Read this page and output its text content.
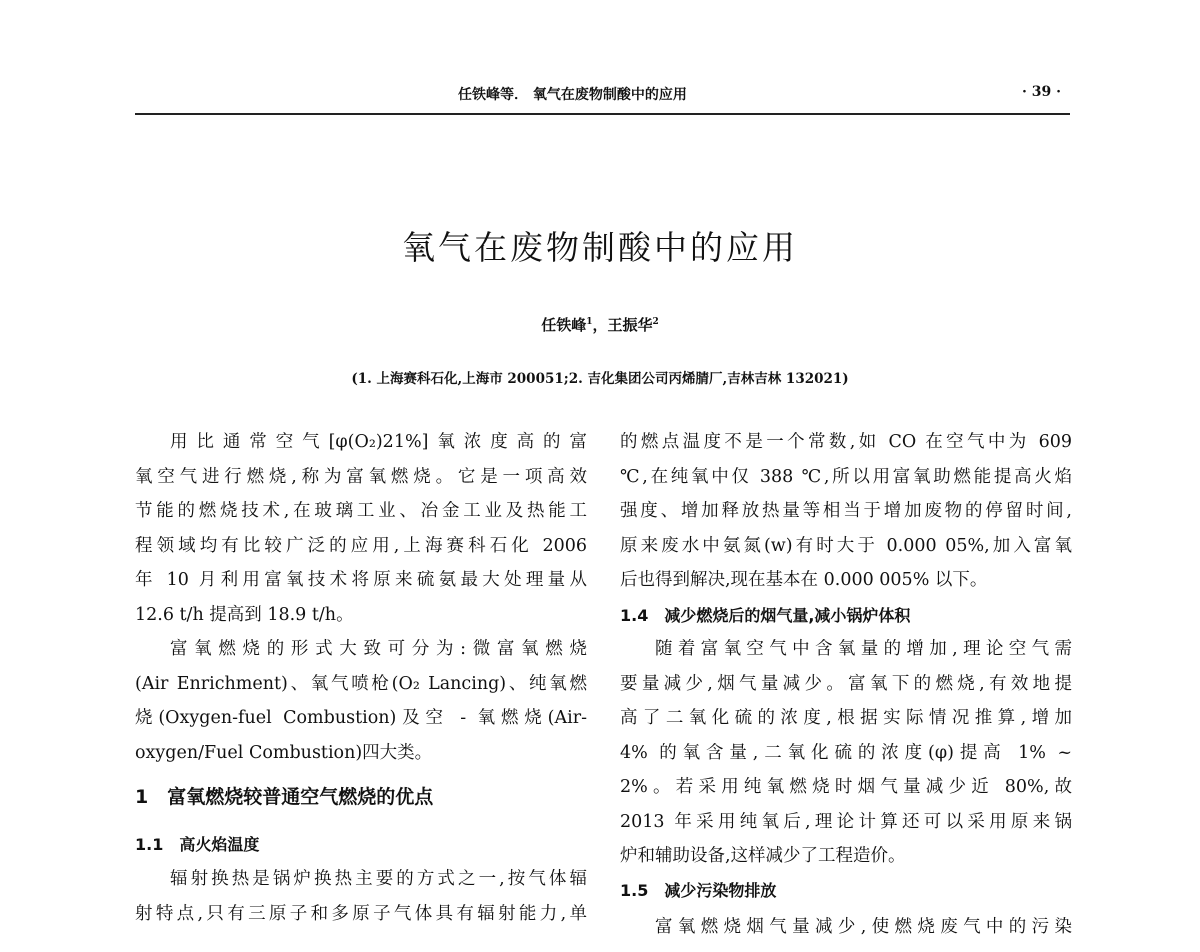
任铁峰等． 氧气在废物制酸中的应用	· 39 ·
氧气在废物制酸中的应用
任铁峰$^1$，王振华$^2$
(1. 上海赛科石化,上海市 200051;2. 吉化集团公司丙烯腈厂,吉林吉林 132021)
用比通常空气[φ(O₂)21%]氧浓度高的富
氧空气进行燃烧,称为富氧燃烧。它是一项高效
节能的燃烧技术,在玻璃工业、冶金工业及热能工
程领域均有比较广泛的应用,上海赛科石化 2006
年 10 月利用富氧技术将原来硫氨最大处理量从
12.6 t/h 提高到 18.9 t/h。
富氧燃烧的形式大致可分为:微富氧燃烧
(Air Enrichment)、氧气喷枪(O₂ Lancing)、纯氧燃
烧(Oxygen-fuel Combustion)及空 - 氧燃烧(Air-
oxygen/Fuel Combustion)四大类。
1　富氧燃烧较普通空气燃烧的优点
1.1　高火焰温度
辐射换热是锅炉换热主要的方式之一,按气体辐
射特点,只有三原子和多原子气体具有辐射能力,单
的燃点温度不是一个常数,如 CO 在空气中为 609
℃,在纯氧中仅 388 ℃,所以用富氧助燃能提高火焰
强度、增加释放热量等相当于增加废物的停留时间,
原来废水中氨氮(w)有时大于 0.000 05%,加入富氧
后也得到解决,现在基本在 0.000 005% 以下。
1.4　减少燃烧后的烟气量,减小锅炉体积
随着富氧空气中含氧量的增加,理论空气需
要量减少,烟气量减少。富氧下的燃烧,有效地提
高了二氧化硫的浓度,根据实际情况推算,增加
4% 的氧含量,二氧化硫的浓度(φ)提高 1% ~
2%。若采用纯氧燃烧时烟气量减少近 80%,故
2013 年采用纯氧后,理论计算还可以采用原来锅
炉和辅助设备,这样减少了工程造价。
1.5　减少污染物排放
富氧燃烧烟气量减少,使燃烧废气中的污染
